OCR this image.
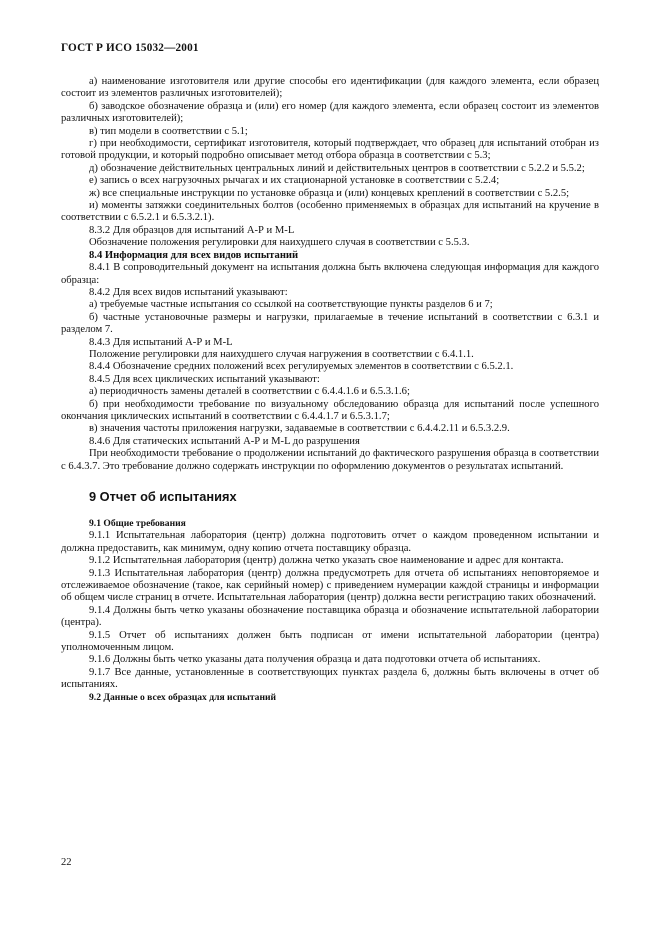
ГОСТ Р ИСО 15032—2001

а) наименование изготовителя или другие способы его идентификации (для каждого элемента, если образец состоит из элементов различных изготовителей);

б) заводское обозначение образца и (или) его номер (для каждого элемента, если образец состоит из элементов различных изготовителей);

в) тип модели в соответствии с 5.1;

г) при необходимости, сертификат изготовителя, который подтверждает, что образец для испытаний отобран из готовой продукции, и который подробно описывает метод отбора образца в соответствии с 5.3;

д) обозначение действительных центральных линий и действительных центров в соответствии с 5.2.2 и 5.5.2;

е) запись о всех нагрузочных рычагах и их стационарной установке в соответствии с 5.2.4;

ж) все специальные инструкции по установке образца и (или) концевых креплений в соответствии с 5.2.5;

и) моменты затяжки соединительных болтов (особенно применяемых в образцах для испытаний на кручение в соответствии с 6.5.2.1 и 6.5.3.2.1).

8.3.2 Для образцов для испытаний А-Р и М-L

Обозначение положения регулировки для наихудшего случая в соответствии с 5.5.3.

8.4 Информация для всех видов испытаний

8.4.1 В сопроводительный документ на испытания должна быть включена следующая информация для каждого образца:

8.4.2 Для всех видов испытаний указывают:

а) требуемые частные испытания со ссылкой на соответствующие пункты разделов 6 и 7;

б) частные установочные размеры и нагрузки, прилагаемые в течение испытаний в соответствии с 6.3.1 и разделом 7.

8.4.3 Для испытаний А-Р и М-L

Положение регулировки для наихудшего случая нагружения в соответствии с 6.4.1.1.

8.4.4 Обозначение средних положений всех регулируемых элементов в соответствии с 6.5.2.1.

8.4.5 Для всех циклических испытаний указывают:

а) периодичность замены деталей в соответствии с 6.4.4.1.6 и 6.5.3.1.6;

б) при необходимости требование по визуальному обследованию образца для испытаний после успешного окончания циклических испытаний в соответствии с 6.4.4.1.7 и 6.5.3.1.7;

в) значения частоты приложения нагрузки, задаваемые в соответствии с 6.4.4.2.11 и 6.5.3.2.9.

8.4.6 Для статических испытаний А-Р и М-L до разрушения

При необходимости требование о продолжении испытаний до фактического разрушения образца в соответствии с 6.4.3.7. Это требование должно содержать инструкции по оформлению документов о результатах испытаний.

9 Отчет об испытаниях

9.1 Общие требования

9.1.1 Испытательная лаборатория (центр) должна подготовить отчет о каждом проведенном испытании и должна предоставить, как минимум, одну копию отчета поставщику образца.

9.1.2 Испытательная лаборатория (центр) должна четко указать свое наименование и адрес для контакта.

9.1.3 Испытательная лаборатория (центр) должна предусмотреть для отчета об испытаниях неповторяемое и отслеживаемое обозначение (такое, как серийный номер) с приведением нумерации каждой страницы и информации об общем числе страниц в отчете. Испытательная лаборатория (центр) должна вести регистрацию таких обозначений.

9.1.4 Должны быть четко указаны обозначение поставщика образца и обозначение испытательной лаборатории (центра).

9.1.5 Отчет об испытаниях должен быть подписан от имени испытательной лаборатории (центра) уполномоченным лицом.

9.1.6 Должны быть четко указаны дата получения образца и дата подготовки отчета об испытаниях.

9.1.7 Все данные, установленные в соответствующих пунктах раздела 6, должны быть включены в отчет об испытаниях.

9.2 Данные о всех образцах для испытаний

22
